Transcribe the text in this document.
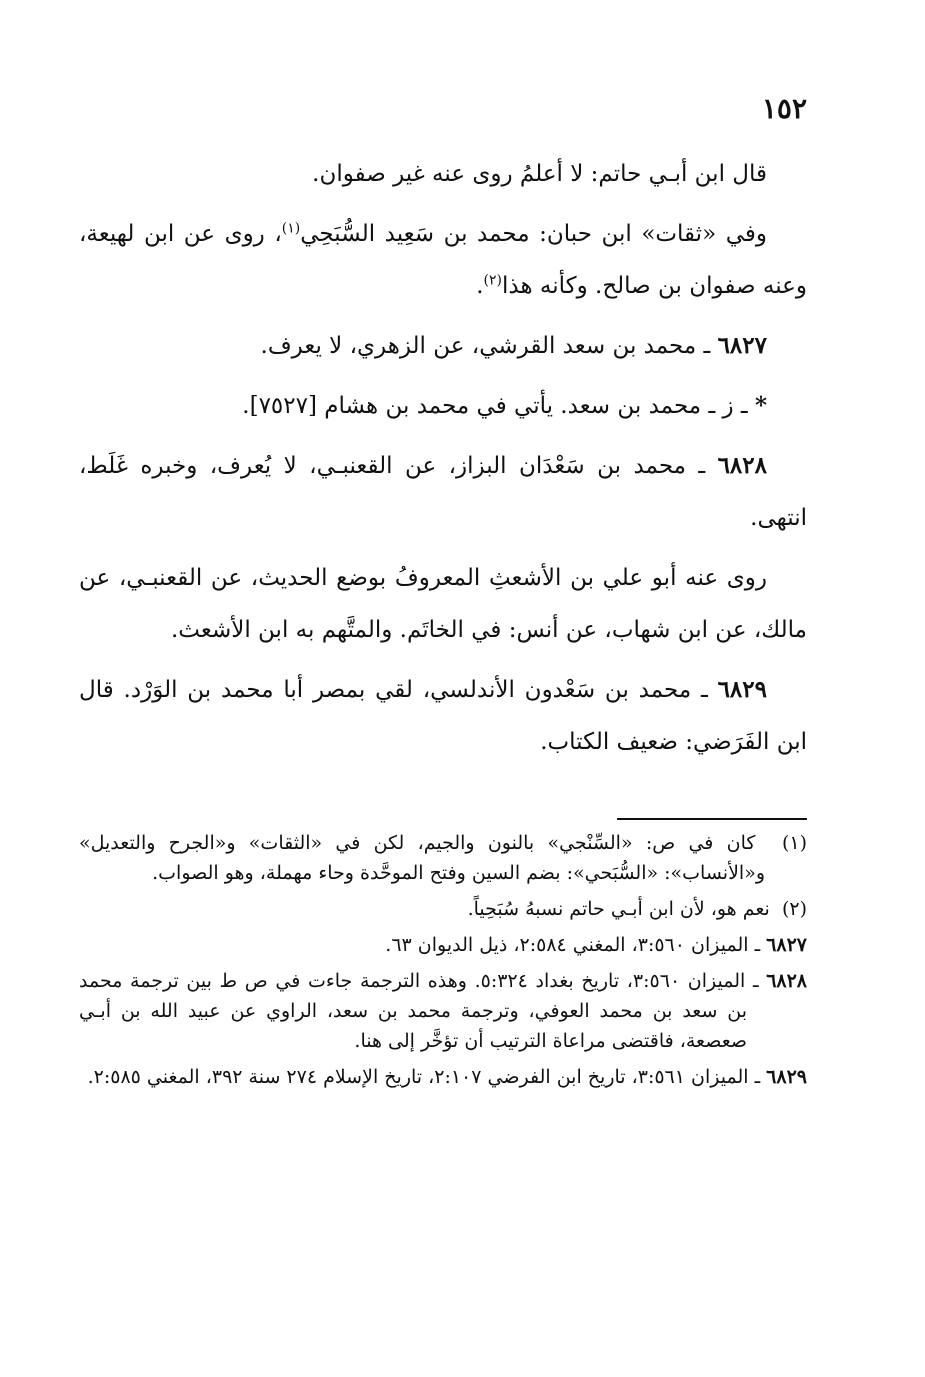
١٥٢

قال ابن أبـي حاتم: لا أعلمُ روى عنه غير صفوان.

وفي «ثقات» ابن حبان: محمد بن سَعِيد السُّبَحِي$^{(١)}$، روى عن ابن لهيعة، وعنه صفوان بن صالح. وكأنه هذا$^{(٢)}$.

٦٨٢٧ ـ محمد بن سعد القرشي، عن الزهري، لا يعرف.

* ـ ز ـ محمد بن سعد. يأتي في محمد بن هشام [٧٥٢٧].

٦٨٢٨ ـ محمد بن سَعْدَان البزاز، عن القعنبـي، لا يُعرف، وخبره غَلَط، انتهى.

روى عنه أبو علي بن الأشعثِ المعروفُ بوضع الحديث، عن القعنبـي، عن مالك، عن ابن شهاب، عن أنس: في الخاتَم. والمتَّهم به ابن الأشعث.

٦٨٢٩ ـ محمد بن سَعْدون الأندلسي، لقي بمصر أبا محمد بن الوَرْد. قال ابن الفَرَضي: ضعيف الكتاب.

(١)  كان في ص: «السِّنْجي» بالنون والجيم، لكن في «الثقات» و«الجرح والتعديل» و«الأنساب»: «السُّبَحي»: بضم السين وفتح الموحَّدة وحاء مهملة، وهو الصواب.

(٢)  نعم هو، لأن ابن أبـي حاتم نسبهُ سُبَحِياً.

٦٨٢٧ ـ الميزان ٣:٥٦٠، المغني ٢:٥٨٤، ذيل الديوان ٦٣.

٦٨٢٨ ـ الميزان ٣:٥٦٠، تاريخ بغداد ٥:٣٢٤. وهذه الترجمة جاءت في ص ط بين ترجمة محمد بن سعد بن محمد العوفي، وترجمة محمد بن سعد، الراوي عن عبيد الله بن أبـي صعصعة، فاقتضى مراعاة الترتيب أن تؤخَّر إلى هنا.

٦٨٢٩ ـ الميزان ٣:٥٦١، تاريخ ابن الفرضي ٢:١٠٧، تاريخ الإسلام ٢٧٤ سنة ٣٩٢، المغني ٢:٥٨٥.
